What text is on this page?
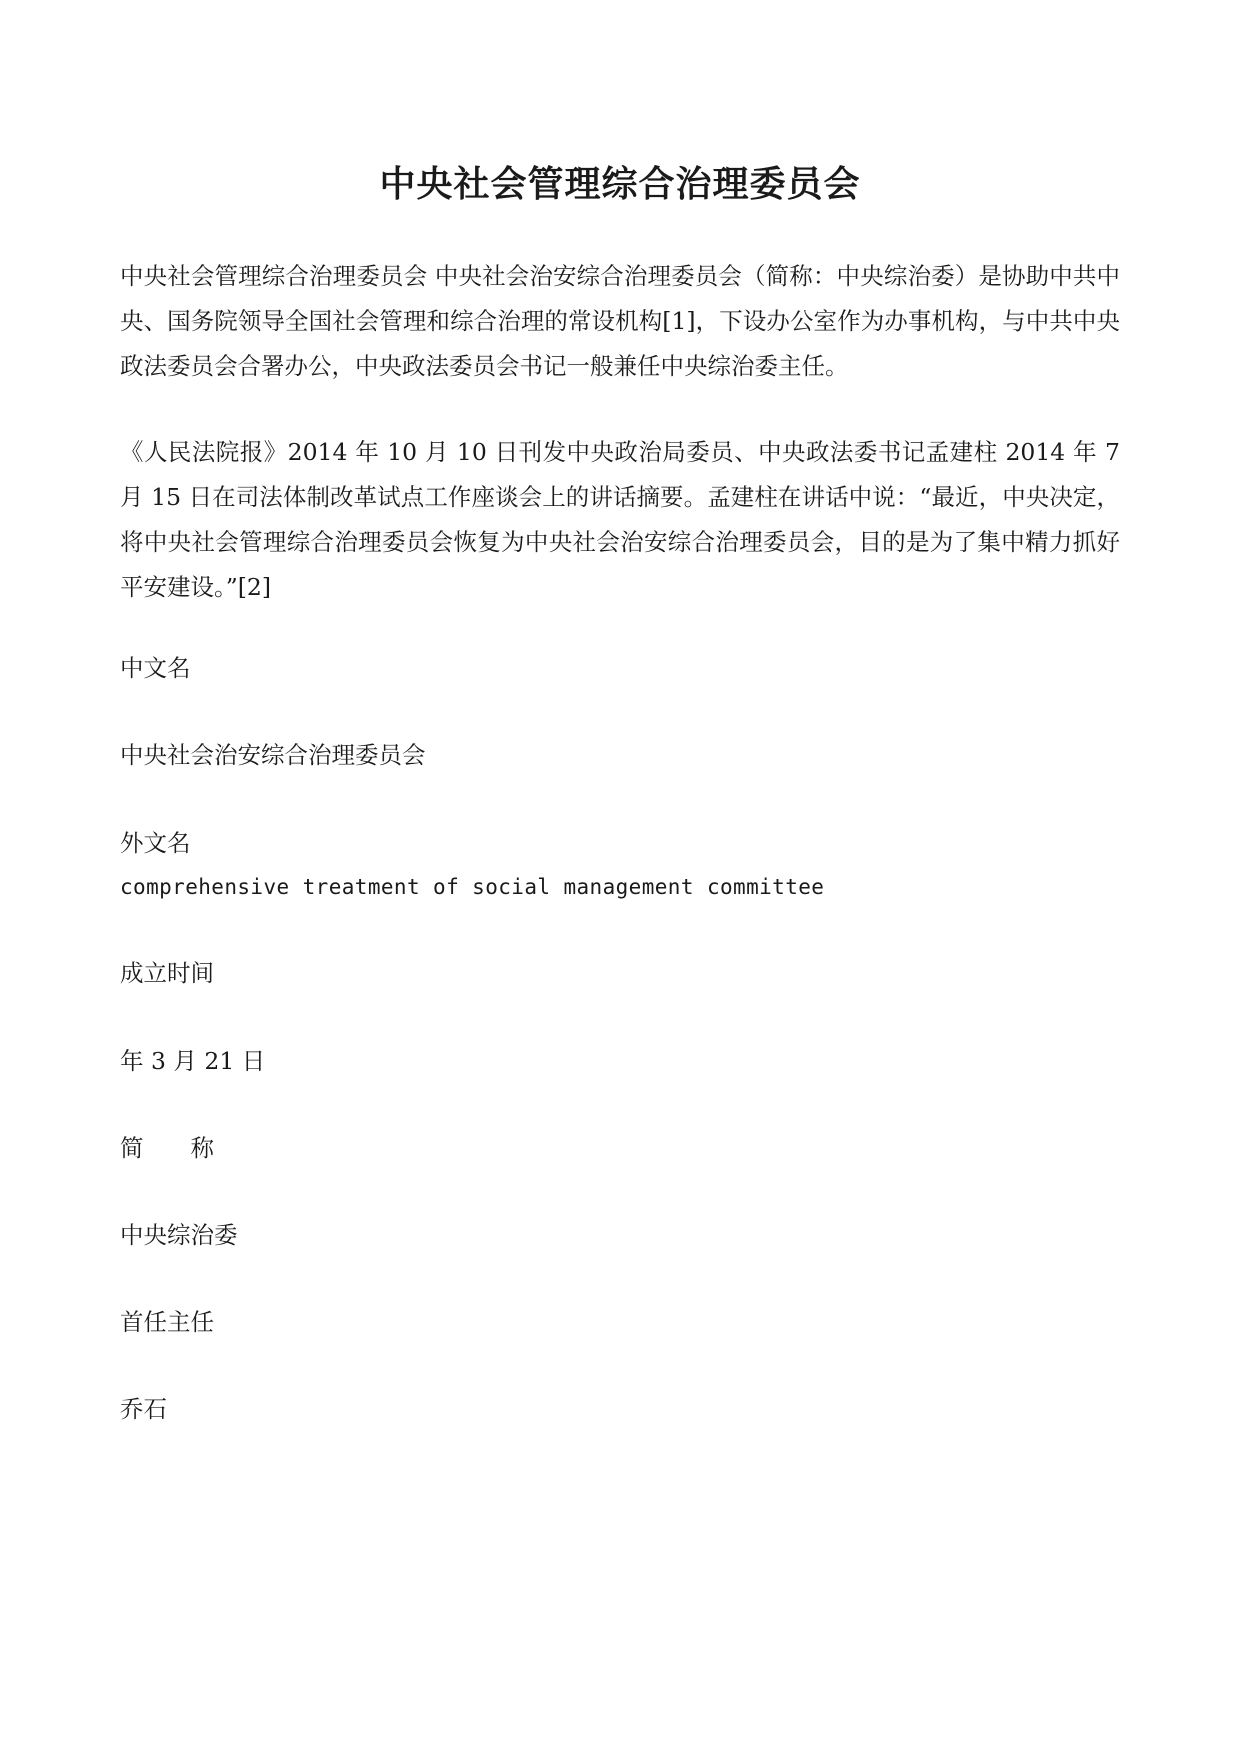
中央社会管理综合治理委员会

中央社会管理综合治理委员会 中央社会治安综合治理委员会（简称：中央综治委）是协助中共中央、国务院领导全国社会管理和综合治理的常设机构[1]，下设办公室作为办事机构，与中共中央政法委员会合署办公，中央政法委员会书记一般兼任中央综治委主任。

《人民法院报》2014 年 10 月 10 日刊发中央政治局委员、中央政法委书记孟建柱 2014 年 7 月 15 日在司法体制改革试点工作座谈会上的讲话摘要。孟建柱在讲话中说：“最近，中央决定，将中央社会管理综合治理委员会恢复为中央社会治安综合治理委员会，目的是为了集中精力抓好平安建设。”[2]

中文名

中央社会治安综合治理委员会

外文名

comprehensive treatment of social management committee

成立时间

年 3 月 21 日

简　　称

中央综治委

首任主任

乔石
